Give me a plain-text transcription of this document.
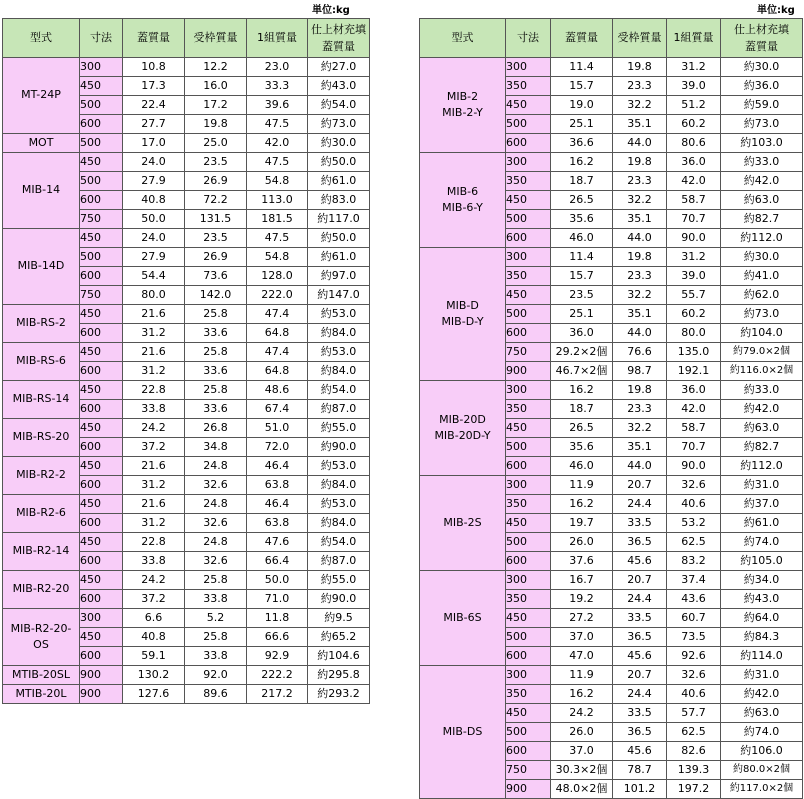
単位:kg	単位:kg
型式	寸法	蓋質量	受枠質量	1組質量	仕上材充填
蓋質量

MT-24P	300	10.8	12.2	23.0	約27.0
	450	17.3	16.0	33.3	約43.0
	500	22.4	17.2	39.6	約54.0
	600	27.7	19.8	47.5	約73.0

MOT	500	17.0	25.0	42.0	約30.0

MIB-14	450	24.0	23.5	47.5	約50.0
	500	27.9	26.9	54.8	約61.0
	600	40.8	72.2	113.0	約83.0
	750	50.0	131.5	181.5	約117.0

MIB-14D	450	24.0	23.5	47.5	約50.0
	500	27.9	26.9	54.8	約61.0
	600	54.4	73.6	128.0	約97.0
	750	80.0	142.0	222.0	約147.0

MIB-RS-2	450	21.6	25.8	47.4	約53.0
	600	31.2	33.6	64.8	約84.0

MIB-RS-6	450	21.6	25.8	47.4	約53.0
	600	31.2	33.6	64.8	約84.0

MIB-RS-14	450	22.8	25.8	48.6	約54.0
	600	33.8	33.6	67.4	約87.0

MIB-RS-20	450	24.2	26.8	51.0	約55.0
	600	37.2	34.8	72.0	約90.0

MIB-R2-2	450	21.6	24.8	46.4	約53.0
	600	31.2	32.6	63.8	約84.0

MIB-R2-6	450	21.6	24.8	46.4	約53.0
	600	31.2	32.6	63.8	約84.0

MIB-R2-14	450	22.8	24.8	47.6	約54.0
	600	33.8	32.6	66.4	約87.0

MIB-R2-20	450	24.2	25.8	50.0	約55.0
	600	37.2	33.8	71.0	約90.0

MIB-R2-20-
OS	300	6.6	5.2	11.8	約9.5
	450	40.8	25.8	66.6	約65.2
	600	59.1	33.8	92.9	約104.6

MTIB-20SL	900	130.2	92.0	222.2	約295.8

MTIB-20L	900	127.6	89.6	217.2	約293.2
型式	寸法	蓋質量	受枠質量	1組質量	仕上材充填
蓋質量

MIB-2
MIB-2-Y	300	11.4	19.8	31.2	約30.0
	350	15.7	23.3	39.0	約36.0
	450	19.0	32.2	51.2	約59.0
	500	25.1	35.1	60.2	約73.0
	600	36.6	44.0	80.6	約103.0

MIB-6
MIB-6-Y	300	16.2	19.8	36.0	約33.0
	350	18.7	23.3	42.0	約42.0
	450	26.5	32.2	58.7	約63.0
	500	35.6	35.1	70.7	約82.7
	600	46.0	44.0	90.0	約112.0

MIB-D
MIB-D-Y	300	11.4	19.8	31.2	約30.0
	350	15.7	23.3	39.0	約41.0
	450	23.5	32.2	55.7	約62.0
	500	25.1	35.1	60.2	約73.0
	600	36.0	44.0	80.0	約104.0
	750	29.2×2個	76.6	135.0	約79.0×2個
	900	46.7×2個	98.7	192.1	約116.0×2個

MIB-20D
MIB-20D-Y	300	16.2	19.8	36.0	約33.0
	350	18.7	23.3	42.0	約42.0
	450	26.5	32.2	58.7	約63.0
	500	35.6	35.1	70.7	約82.7
	600	46.0	44.0	90.0	約112.0

MIB-2S	300	11.9	20.7	32.6	約31.0
	350	16.2	24.4	40.6	約37.0
	450	19.7	33.5	53.2	約61.0
	500	26.0	36.5	62.5	約74.0
	600	37.6	45.6	83.2	約105.0

MIB-6S	300	16.7	20.7	37.4	約34.0
	350	19.2	24.4	43.6	約43.0
	450	27.2	33.5	60.7	約64.0
	500	37.0	36.5	73.5	約84.3
	600	47.0	45.6	92.6	約114.0

MIB-DS	300	11.9	20.7	32.6	約31.0
	350	16.2	24.4	40.6	約42.0
	450	24.2	33.5	57.7	約63.0
	500	26.0	36.5	62.5	約74.0
	600	37.0	45.6	82.6	約106.0
	750	30.3×2個	78.7	139.3	約80.0×2個
	900	48.0×2個	101.2	197.2	約117.0×2個
